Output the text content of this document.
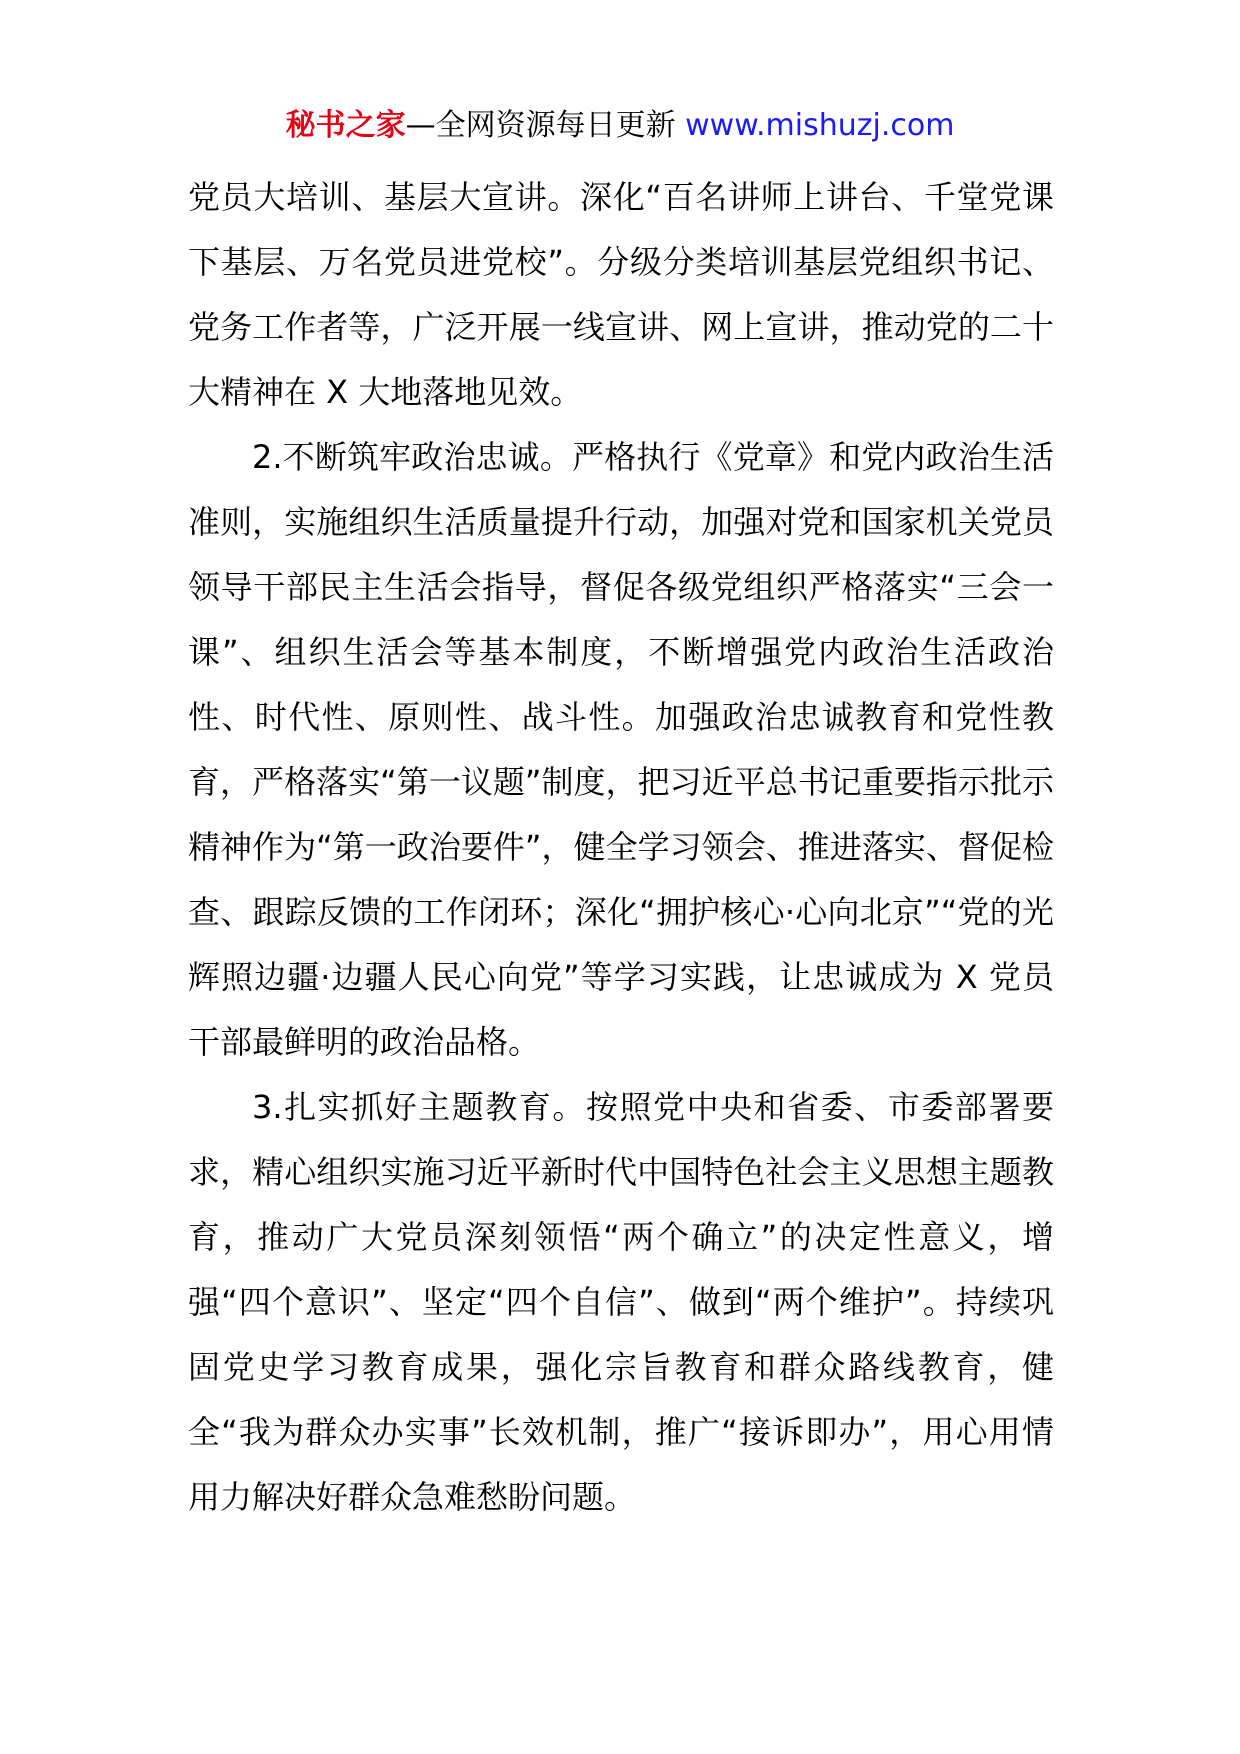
秘书之家—全网资源每日更新 www.mishuzj.com

党员大培训、基层大宣讲。深化“百名讲师上讲台、千堂党课下基层、万名党员进党校”。分级分类培训基层党组织书记、党务工作者等，广泛开展一线宣讲、网上宣讲，推动党的二十大精神在 X 大地落地见效。

2.不断筑牢政治忠诚。严格执行《党章》和党内政治生活准则，实施组织生活质量提升行动，加强对党和国家机关党员领导干部民主生活会指导，督促各级党组织严格落实“三会一课”、组织生活会等基本制度，不断增强党内政治生活政治性、时代性、原则性、战斗性。加强政治忠诚教育和党性教育，严格落实“第一议题”制度，把习近平总书记重要指示批示精神作为“第一政治要件”，健全学习领会、推进落实、督促检查、跟踪反馈的工作闭环；深化“拥护核心·心向北京”“党的光辉照边疆·边疆人民心向党”等学习实践，让忠诚成为 X 党员干部最鲜明的政治品格。

3.扎实抓好主题教育。按照党中央和省委、市委部署要求，精心组织实施习近平新时代中国特色社会主义思想主题教育，推动广大党员深刻领悟“两个确立”的决定性意义，增强“四个意识”、坚定“四个自信”、做到“两个维护”。持续巩固党史学习教育成果，强化宗旨教育和群众路线教育，健全“我为群众办实事”长效机制，推广“接诉即办”，用心用情用力解决好群众急难愁盼问题。
